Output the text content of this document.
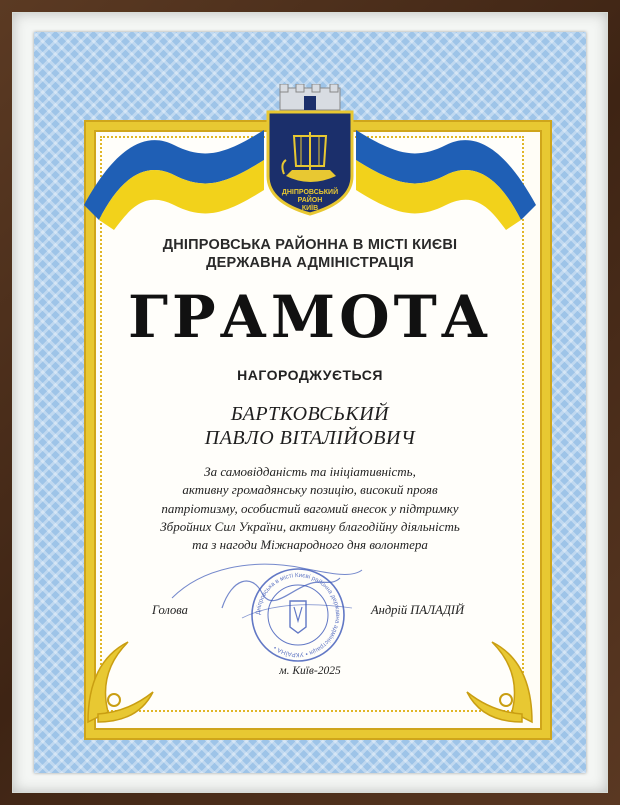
ДНІПРОВСЬКИЙ
РАЙОН
КИЇВ
ДНІПРОВСЬКА РАЙОННА В МІСТІ КИЄВІ
ДЕРЖАВНА АДМІНІСТРАЦІЯ
ГРАМОТА
НАГОРОДЖУЄТЬСЯ
БАРТКОВСЬКИЙ
ПАВЛО ВІТАЛІЙОВИЧ
За самовідданість та ініціативність,
активну громадянську позицію, високий прояв
патріотизму, особистий вагомий внесок у підтримку
Збройних Сил України, активну благодійну діяльність
та з нагоди Міжнародного дня волонтера
Дніпровська в місті Києві районна державна адміністрація • УКРАЇНА •
Голова	Андрій ПАЛАДІЙ
м. Київ-2025
